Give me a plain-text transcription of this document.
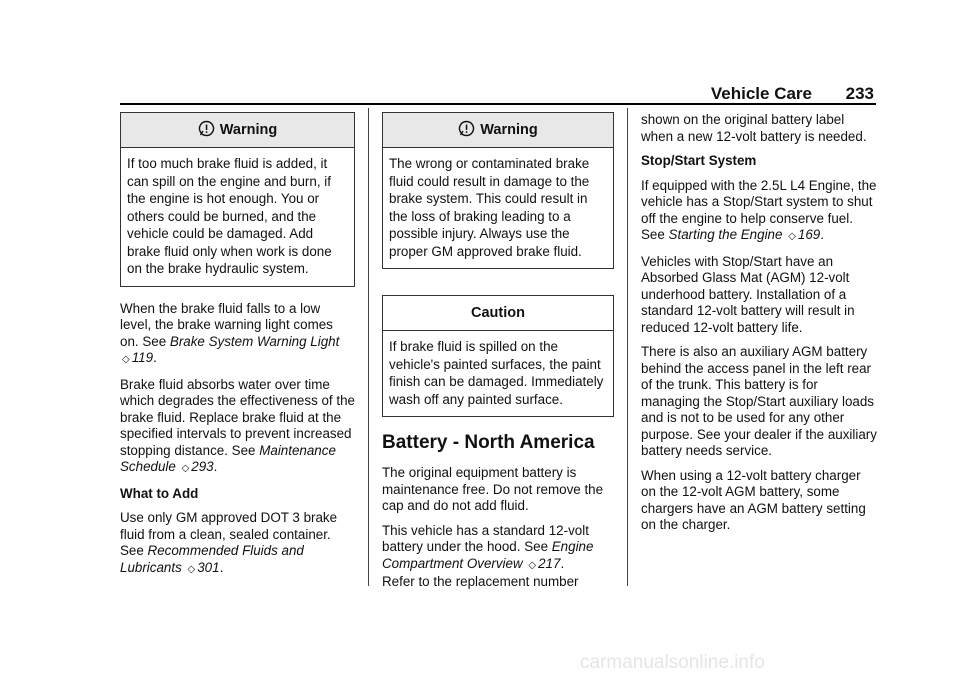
Vehicle Care 233
Warning
If too much brake fluid is added, it can spill on the engine and burn, if the engine is hot enough. You or others could be burned, and the vehicle could be damaged. Add brake fluid only when work is done on the brake hydraulic system.

When the brake fluid falls to a low level, the brake warning light comes on. See Brake System Warning Light ◇ 119.

Brake fluid absorbs water over time which degrades the effectiveness of the brake fluid. Replace brake fluid at the specified intervals to prevent increased stopping distance. See Maintenance Schedule ◇ 293.

What to Add

Use only GM approved DOT 3 brake fluid from a clean, sealed container. See Recommended Fluids and Lubricants ◇ 301.

Warning
The wrong or contaminated brake fluid could result in damage to the brake system. This could result in the loss of braking leading to a possible injury. Always use the proper GM approved brake fluid.
Caution
If brake fluid is spilled on the vehicle's painted surfaces, the paint finish can be damaged. Immediately wash off any painted surface.
Battery - North America

The original equipment battery is maintenance free. Do not remove the cap and do not add fluid.

This vehicle has a standard 12-volt battery under the hood. See Engine Compartment Overview ◇ 217.
Refer to the replacement number

shown on the original battery label when a new 12-volt battery is needed.

Stop/Start System

If equipped with the 2.5L L4 Engine, the vehicle has a Stop/Start system to shut off the engine to help conserve fuel. See Starting the Engine ◇ 169.

Vehicles with Stop/Start have an Absorbed Glass Mat (AGM) 12-volt underhood battery. Installation of a standard 12-volt battery will result in reduced 12-volt battery life.

There is also an auxiliary AGM battery behind the access panel in the left rear of the trunk. This battery is for managing the Stop/Start auxiliary loads and is not to be used for any other purpose. See your dealer if the auxiliary battery needs service.

When using a 12-volt battery charger on the 12-volt AGM battery, some chargers have an AGM battery setting on the charger.

carmanualsonline.info
